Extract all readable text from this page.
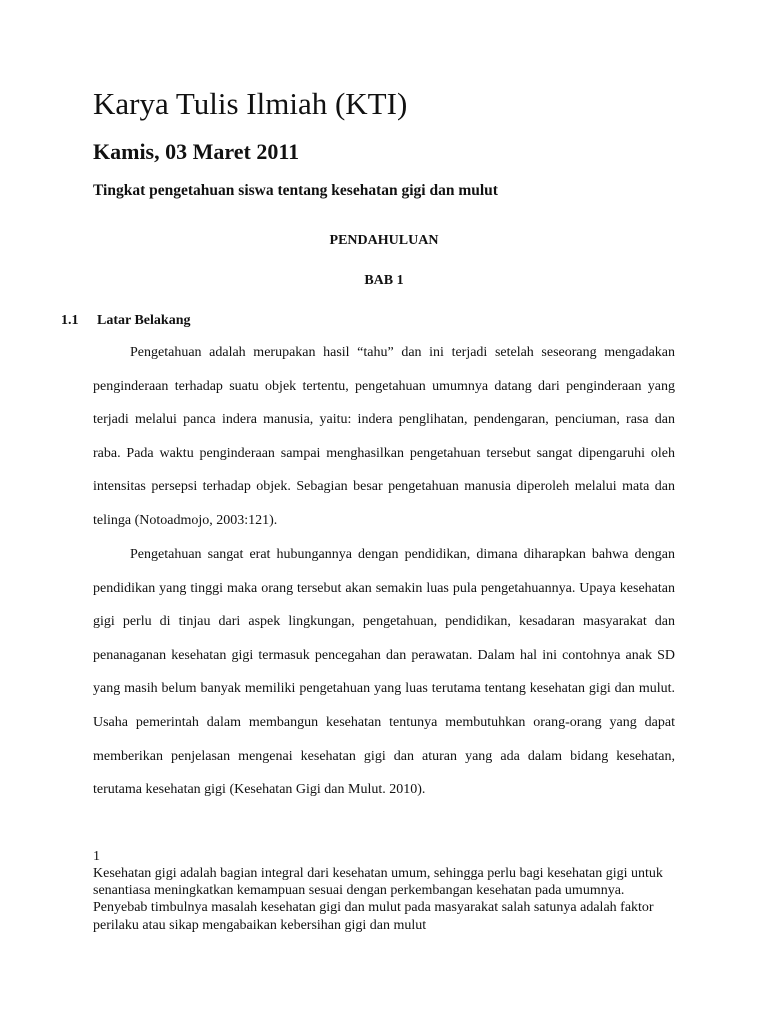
Karya Tulis Ilmiah (KTI)
Kamis, 03 Maret 2011
Tingkat pengetahuan siswa tentang kesehatan gigi dan mulut
PENDAHULUAN
BAB 1
1.1 Latar Belakang

Pengetahuan adalah merupakan hasil “tahu” dan ini terjadi setelah seseorang mengadakan penginderaan terhadap suatu objek tertentu, pengetahuan umumnya datang dari penginderaan yang terjadi melalui panca indera manusia, yaitu: indera penglihatan, pendengaran, penciuman, rasa dan raba. Pada waktu penginderaan sampai menghasilkan pengetahuan tersebut sangat dipengaruhi oleh intensitas persepsi terhadap objek. Sebagian besar pengetahuan manusia diperoleh melalui mata dan telinga (Notoadmojo, 2003:121).

Pengetahuan sangat erat hubungannya dengan pendidikan, dimana diharapkan bahwa dengan pendidikan yang tinggi maka orang tersebut akan semakin luas pula pengetahuannya. Upaya kesehatan gigi perlu di tinjau dari aspek lingkungan, pengetahuan, pendidikan, kesadaran masyarakat dan penanaganan kesehatan gigi termasuk pencegahan dan perawatan. Dalam hal ini contohnya anak SD yang masih belum banyak memiliki pengetahuan yang luas terutama tentang kesehatan gigi dan mulut. Usaha pemerintah dalam membangun kesehatan tentunya membutuhkan orang-orang yang dapat memberikan penjelasan mengenai kesehatan gigi dan aturan yang ada dalam bidang kesehatan, terutama kesehatan gigi (Kesehatan Gigi dan Mulut. 2010).

1

Kesehatan gigi adalah bagian integral dari kesehatan umum, sehingga perlu bagi kesehatan gigi untuk senantiasa meningkatkan kemampuan sesuai dengan perkembangan kesehatan pada umumnya. Penyebab timbulnya masalah kesehatan gigi dan mulut pada masyarakat salah satunya adalah faktor perilaku atau sikap mengabaikan kebersihan gigi dan mulut
